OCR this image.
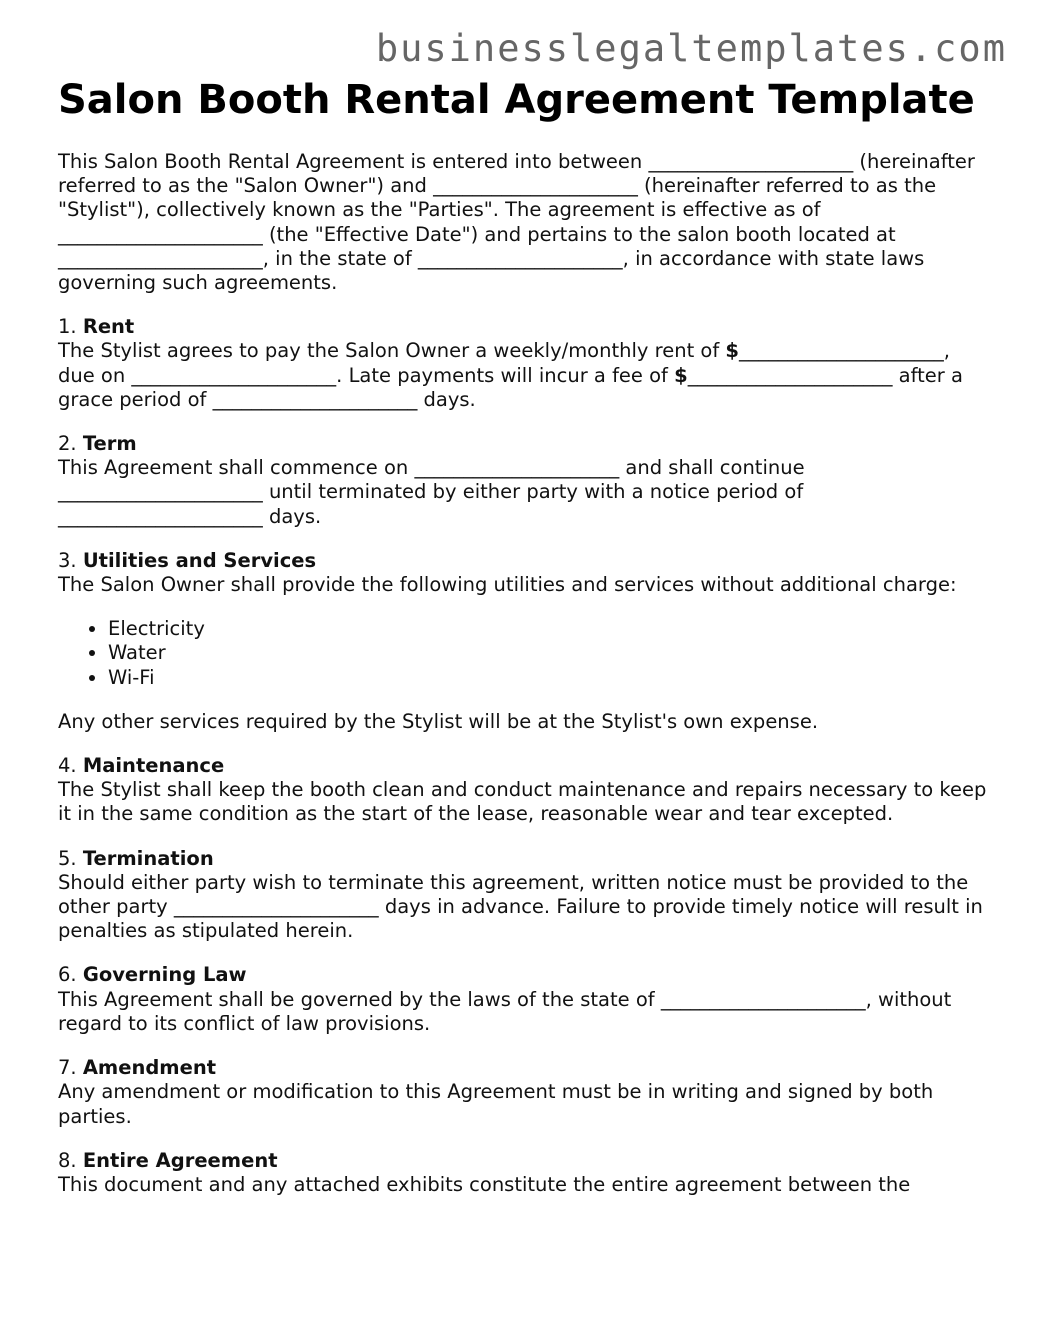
businesslegaltemplates.com
Salon Booth Rental Agreement Template

This Salon Booth Rental Agreement is entered into between _____________________ (hereinafter referred to as the "Salon Owner") and _____________________ (hereinafter referred to as the "Stylist"), collectively known as the "Parties". The agreement is effective as of _____________________ (the "Effective Date") and pertains to the salon booth located at _____________________, in the state of _____________________, in accordance with state laws governing such agreements.

1. Rent
The Stylist agrees to pay the Salon Owner a weekly/monthly rent of $_____________________, due on _____________________. Late payments will incur a fee of $_____________________ after a grace period of _____________________ days.
2. Term
This Agreement shall commence on _____________________ and shall continue _____________________ until terminated by either party with a notice period of _____________________ days.
3. Utilities and Services
The Salon Owner shall provide the following utilities and services without additional charge:
• Electricity
• Water
• Wi-Fi

Any other services required by the Stylist will be at the Stylist's own expense.

4. Maintenance
The Stylist shall keep the booth clean and conduct maintenance and repairs necessary to keep it in the same condition as the start of the lease, reasonable wear and tear excepted.
5. Termination
Should either party wish to terminate this agreement, written notice must be provided to the other party _____________________ days in advance. Failure to provide timely notice will result in penalties as stipulated herein.
6. Governing Law
This Agreement shall be governed by the laws of the state of _____________________, without regard to its conflict of law provisions.
7. Amendment
Any amendment or modification to this Agreement must be in writing and signed by both parties.
8. Entire Agreement
This document and any attached exhibits constitute the entire agreement between the
